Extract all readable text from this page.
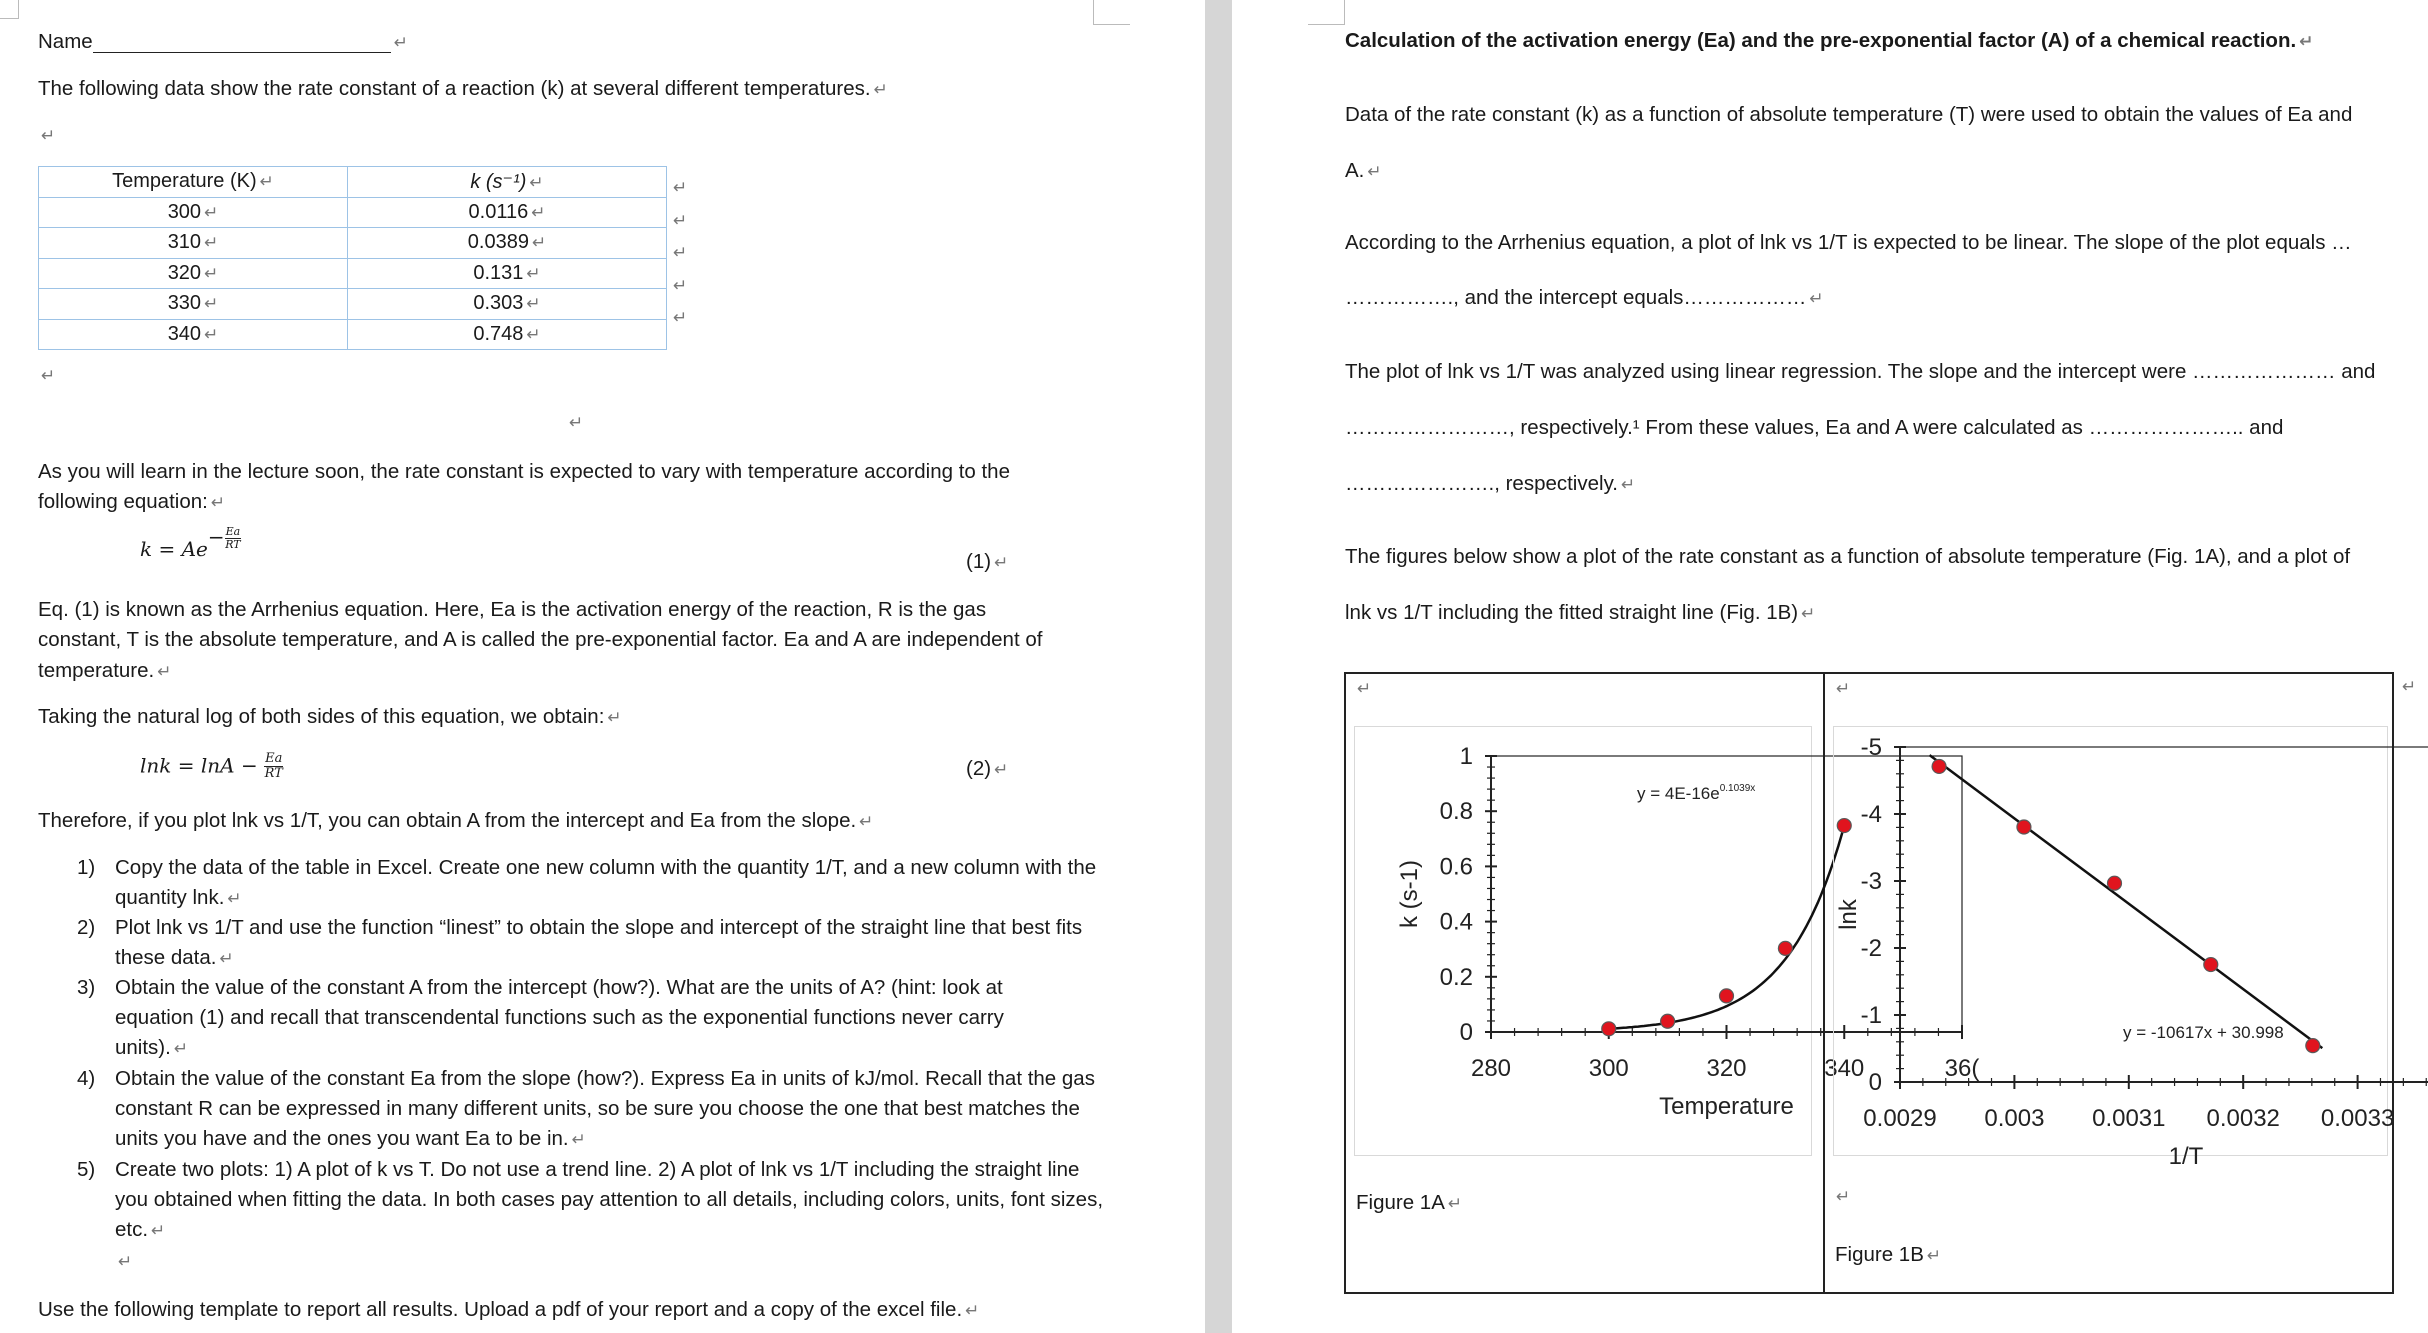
Name	↵
The following data show the rate constant of a reaction (k) at several different temperatures. ↵
↵
Temperature (K) ↵	k (s⁻¹) ↵
300 ↵	0.0116 ↵
310 ↵	0.0389 ↵
320 ↵	0.131 ↵
330 ↵	0.303 ↵
340 ↵	0.748 ↵
↵
↵
↵
↵
↵
↵
↵
As you will learn in the lecture soon, the rate constant is expected to vary with temperature according to the
following equation: ↵
$k = Ae- \frac{Ea}{RT}$
(1) ↵
Eq. (1) is known as the Arrhenius equation. Here, Ea is the activation energy of the reaction, R is the gas
constant, T is the absolute temperature, and A is called the pre-exponential factor. Ea and A are independent of
temperature. ↵
Taking the natural log of both sides of this equation, we obtain: ↵
$\ln k = \ln A - \frac{Ea}{RT}$	(2) ↵
Therefore, if you plot lnk vs 1/T, you can obtain A from the intercept and Ea from the slope. ↵
1) Copy the data of the table in Excel. Create one new column with the quantity 1/T, and a new column with the quantity lnk. ↵
2) Plot lnk vs 1/T and use the function “linest” to obtain the slope and intercept of the straight line that best fits these data. ↵
3) Obtain the value of the constant A from the intercept (how?). What are the units of A? (hint: look at equation (1) and recall that transcendental functions such as the exponential functions never carry units). ↵
4) Obtain the value of the constant Ea from the slope (how?). Express Ea in units of kJ/mol. Recall that the gas constant R can be expressed in many different units, so be sure you choose the one that best matches the units you have and the ones you want Ea to be in. ↵
5) Create two plots: 1) A plot of k vs T. Do not use a trend line. 2) A plot of lnk vs 1/T including the straight line you obtained when fitting the data. In both cases pay attention to all details, including colors, units, font sizes, etc. ↵
↵
Use the following template to report all results. Upload a pdf of your report and a copy of the excel file. ↵
Calculation of the activation energy (Ea) and the pre-exponential factor (A) of a chemical reaction. ↵
Data of the rate constant (k) as a function of absolute temperature (T) were used to obtain the values of Ea and
A. ↵
According to the Arrhenius equation, a plot of lnk vs 1/T is expected to be linear. The slope of the plot equals …
……………., and the intercept equals……………… ↵
The plot of lnk vs 1/T was analyzed using linear regression. The slope and the intercept were ………………… and
……………………, respectively.¹ From these values, Ea and A were calculated as ………………….. and
…………………., respectively. ↵
The figures below show a plot of the rate constant as a function of absolute temperature (Fig. 1A), and a plot of
lnk vs 1/T including the fitted straight line (Fig. 1B) ↵
↵	↵	↵
0
0.2
0.4
0.6
0.8
1
280	300	320	340	36(
Temperature
k (s-1)
$y = 4E-16e^{0.1039x}$
Figure 1A ↵
0
-1
-2
-3
-4
-5
0.0029 0.003 0.0031 0.0032 0.0033
1/T
lnk
y = -10617x + 30.998
↵
Figure 1B ↵
